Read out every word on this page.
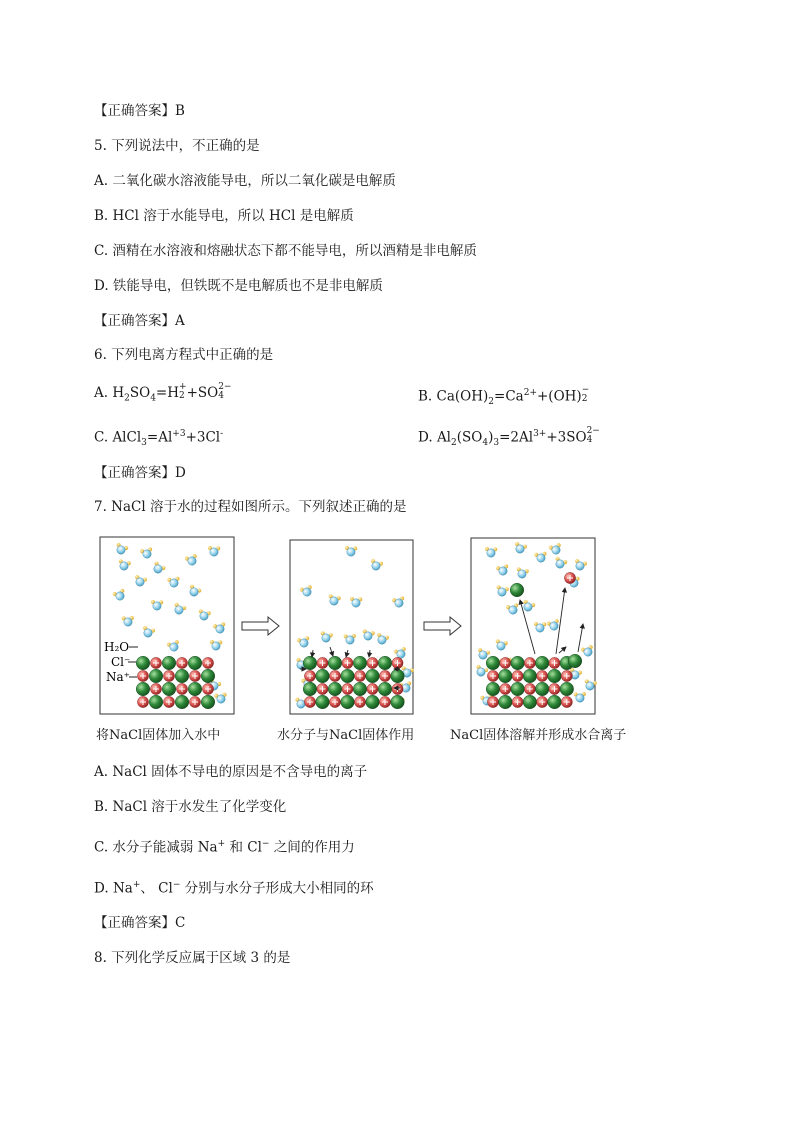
【正确答案】B
5. 下列说法中，不正确的是
A. 二氧化碳水溶液能导电，所以二氧化碳是电解质
B. HCl 溶于水能导电，所以 HCl 是电解质
C. 酒精在水溶液和熔融状态下都不能导电，所以酒精是非电解质
D. 铁能导电，但铁既不是电解质也不是非电解质
【正确答案】A
6. 下列电离方程式中正确的是
A. $H_2SO_4=H$ +
2 +SO 2−
4	B. $Ca(OH)_2=Ca^{2+}+(OH)$ −
2
C. $AlCl_3=Al^{+3}+3Cl^-$	D. $Al_2(SO_4)_3=2Al^{3+}+3SO$ 2−
4
【正确答案】D
7. NaCl 溶于水的过程如图所示。下列叙述正确的是
H₂O
Cl⁻
Na⁺
将NaCl固体加入水中	水分子与NaCl固体作用	NaCl固体溶解并形成水合离子
A. NaCl 固体不导电的原因是不含导电的离子
B. NaCl 溶于水发生了化学变化
C. 水分子能减弱 Na+ 和 Cl− 之间的作用力
D. Na+、 Cl− 分别与水分子形成大小相同的环
【正确答案】C
8. 下列化学反应属于区域 3 的是
